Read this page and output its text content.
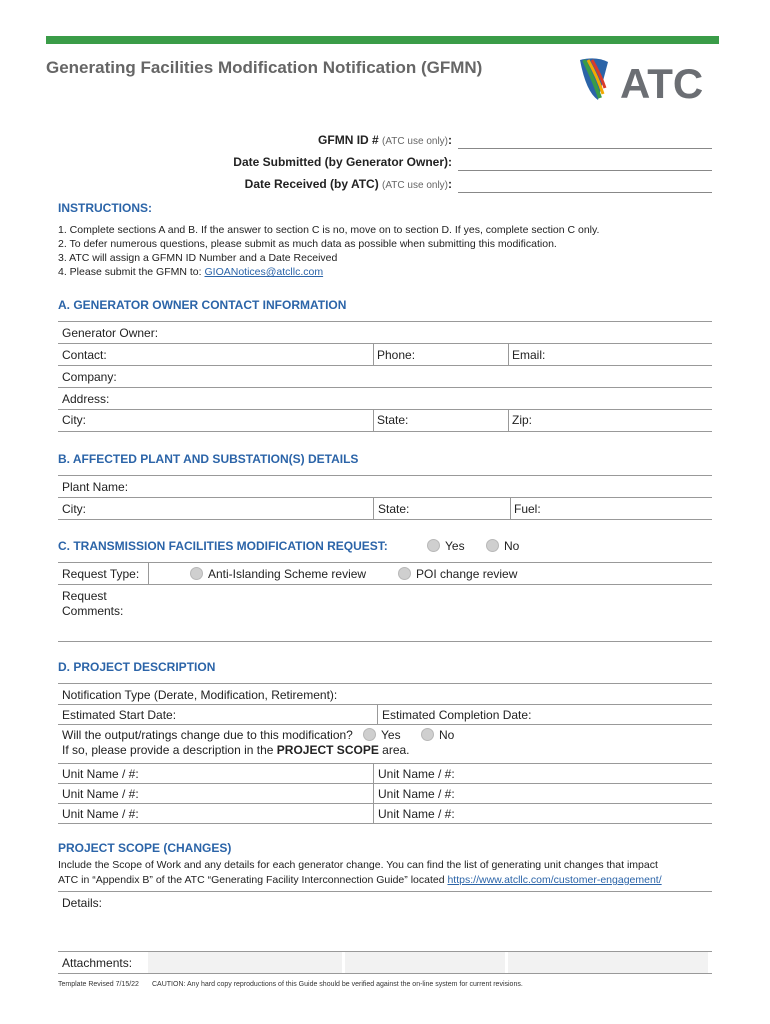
Generating Facilities Modification Notification (GFMN)	ATC
GFMN ID # (ATC use only):
Date Submitted (by Generator Owner):
Date Received (by ATC) (ATC use only):
INSTRUCTIONS:
1. Complete sections A and B. If the answer to section C is no, move on to section D. If yes, complete section C only.
2. To defer numerous questions, please submit as much data as possible when submitting this modification.
3. ATC will assign a GFMN ID Number and a Date Received
4. Please submit the GFMN to: GIOANotices@atcllc.com
A. GENERATOR OWNER CONTACT INFORMATION
Generator Owner:
Contact:	Phone:	Email:
Company:
Address:
City:	State:	Zip:
B. AFFECTED PLANT AND SUBSTATION(S) DETAILS
Plant Name:
City:	State:	Fuel:
C. TRANSMISSION FACILITIES MODIFICATION REQUEST:	Yes	No
Request Type:	Anti-Islanding Scheme review	POI change review
Request
Comments:
D. PROJECT DESCRIPTION
Notification Type (Derate, Modification, Retirement):
Estimated Start Date:	Estimated Completion Date:
Will the output/ratings change due to this modification?	Yes	No
If so, please provide a description in the PROJECT SCOPE area.
Unit Name / #:	Unit Name / #:
Unit Name / #:	Unit Name / #:
Unit Name / #:	Unit Name / #:
PROJECT SCOPE (CHANGES)
Include the Scope of Work and any details for each generator change. You can find the list of generating unit changes that impact
ATC in “Appendix B” of the ATC “Generating Facility Interconnection Guide” located https://www.atcllc.com/customer-engagement/
Details:
Attachments:
Template Revised 7/15/22 CAUTION: Any hard copy reproductions of this Guide should be verified against the on-line system for current revisions.
